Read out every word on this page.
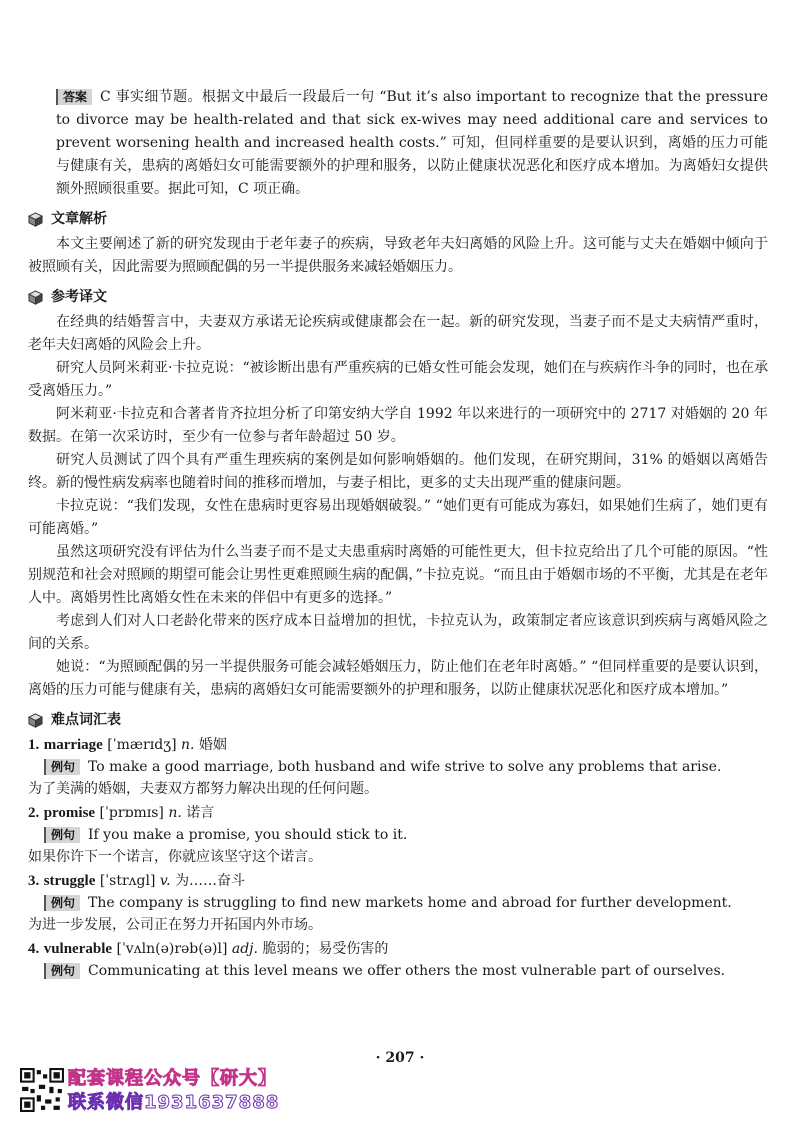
答案 C 事实细节题。根据文中最后一段最后一句 “But it’s also important to recognize that the pressure to divorce may be health-related and that sick ex-wives may need additional care and services to prevent worsening health and increased health costs.” 可知，但同样重要的是要认识到，离婚的压力可能与健康有关，患病的离婚妇女可能需要额外的护理和服务，以防止健康状况恶化和医疗成本增加。为离婚妇女提供额外照顾很重要。据此可知，C 项正确。

文章解析

本文主要阐述了新的研究发现由于老年妻子的疾病，导致老年夫妇离婚的风险上升。这可能与丈夫在婚姻中倾向于被照顾有关，因此需要为照顾配偶的另一半提供服务来减轻婚姻压力。

参考译文

在经典的结婚誓言中，夫妻双方承诺无论疾病或健康都会在一起。新的研究发现，当妻子而不是丈夫病情严重时，老年夫妇离婚的风险会上升。

研究人员阿米莉亚·卡拉克说：“被诊断出患有严重疾病的已婚女性可能会发现，她们在与疾病作斗争的同时，也在承受离婚压力。”

阿米莉亚·卡拉克和合著者肯齐拉坦分析了印第安纳大学自 1992 年以来进行的一项研究中的 2717 对婚姻的 20 年数据。在第一次采访时，至少有一位参与者年龄超过 50 岁。

研究人员测试了四个具有严重生理疾病的案例是如何影响婚姻的。他们发现，在研究期间，31% 的婚姻以离婚告终。新的慢性病发病率也随着时间的推移而增加，与妻子相比，更多的丈夫出现严重的健康问题。

卡拉克说：“我们发现，女性在患病时更容易出现婚姻破裂。” “她们更有可能成为寡妇，如果她们生病了，她们更有可能离婚。”

虽然这项研究没有评估为什么当妻子而不是丈夫患重病时离婚的可能性更大，但卡拉克给出了几个可能的原因。“性别规范和社会对照顾的期望可能会让男性更难照顾生病的配偶，”卡拉克说。“而且由于婚姻市场的不平衡，尤其是在老年人中。离婚男性比离婚女性在未来的伴侣中有更多的选择。”

考虑到人们对人口老龄化带来的医疗成本日益增加的担忧，卡拉克认为，政策制定者应该意识到疾病与离婚风险之间的关系。

她说：“为照顾配偶的另一半提供服务可能会减轻婚姻压力，防止他们在老年时离婚。” “但同样重要的是要认识到，离婚的压力可能与健康有关，患病的离婚妇女可能需要额外的护理和服务，以防止健康状况恶化和医疗成本增加。”

难点词汇表
1. marriage [ˈmærɪdʒ] n. 婚姻
例句 To make a good marriage, both husband and wife strive to solve any problems that arise.
为了美满的婚姻，夫妻双方都努力解决出现的任何问题。
2. promise [ˈprɒmɪs] n. 诺言
例句 If you make a promise, you should stick to it.
如果你许下一个诺言，你就应该坚守这个诺言。
3. struggle [ˈstrʌgl] v. 为……奋斗
例句 The company is struggling to find new markets home and abroad for further development.
为进一步发展，公司正在努力开拓国内外市场。
4. vulnerable [ˈvʌln(ə)rəb(ə)l] adj. 脆弱的；易受伤害的
例句 Communicating at this level means we offer others the most vulnerable part of ourselves.
· 207 ·
配套课程公众号【研大】
联系微信1931637888
